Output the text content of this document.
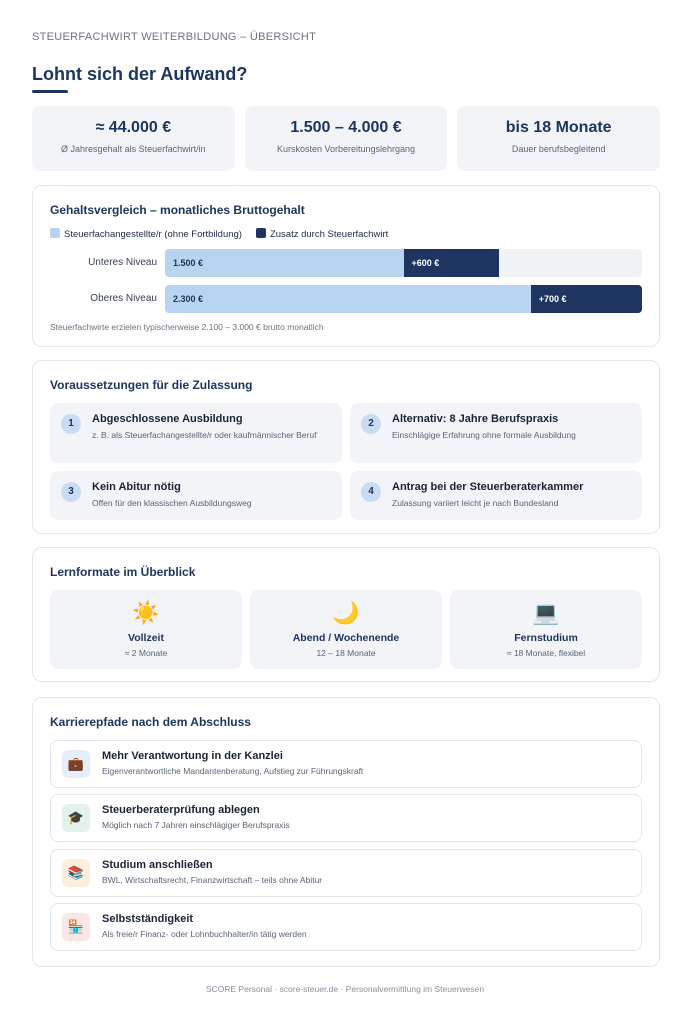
STEUERFACHWIRT WEITERBILDUNG – ÜBERSICHT
Lohnt sich der Aufwand?
≈ 44.000 €
Ø Jahresgehalt als Steuerfachwirt/in
1.500 – 4.000 €
Kurskosten Vorbereitungslehrgang
bis 18 Monate
Dauer berufsbegleitend
Gehaltsvergleich – monatliches Bruttogehalt
Steuerfachangestellte/r (ohne Fortbildung)	Zusatz durch Steuerfachwirt
Unteres Niveau	1.500 €	+600 €
Oberes Niveau	2.300 €	+700 €
Steuerfachwirte erzielen typischerweise 2.100 – 3.000 € brutto monatlich
Voraussetzungen für die Zulassung
1	Abgeschlossene Ausbildung
z. B. als Steuerfachangestellte/r oder kaufmännischer Beruf
2	Alternativ: 8 Jahre Berufspraxis
Einschlägige Erfahrung ohne formale Ausbildung
3	Kein Abitur nötig
Offen für den klassischen Ausbildungsweg
4	Antrag bei der Steuerberaterkammer
Zulassung variiert leicht je nach Bundesland
Lernformate im Überblick
☀️
Vollzeit
≈ 2 Monate
🌙
Abend / Wochenende
12 – 18 Monate
💻
Fernstudium
≈ 18 Monate, flexibel
Karrierepfade nach dem Abschluss
💼	Mehr Verantwortung in der Kanzlei
Eigenverantwortliche Mandantenberatung, Aufstieg zur Führungskraft
🎓	Steuerberaterprüfung ablegen
Möglich nach 7 Jahren einschlägiger Berufspraxis
📚	Studium anschließen
BWL, Wirtschaftsrecht, Finanzwirtschaft – teils ohne Abitur
🏪	Selbstständigkeit
Als freie/r Finanz- oder Lohnbuchhalter/in tätig werden
SCORE Personal · score-steuer.de · Personalvermittlung im Steuerwesen
